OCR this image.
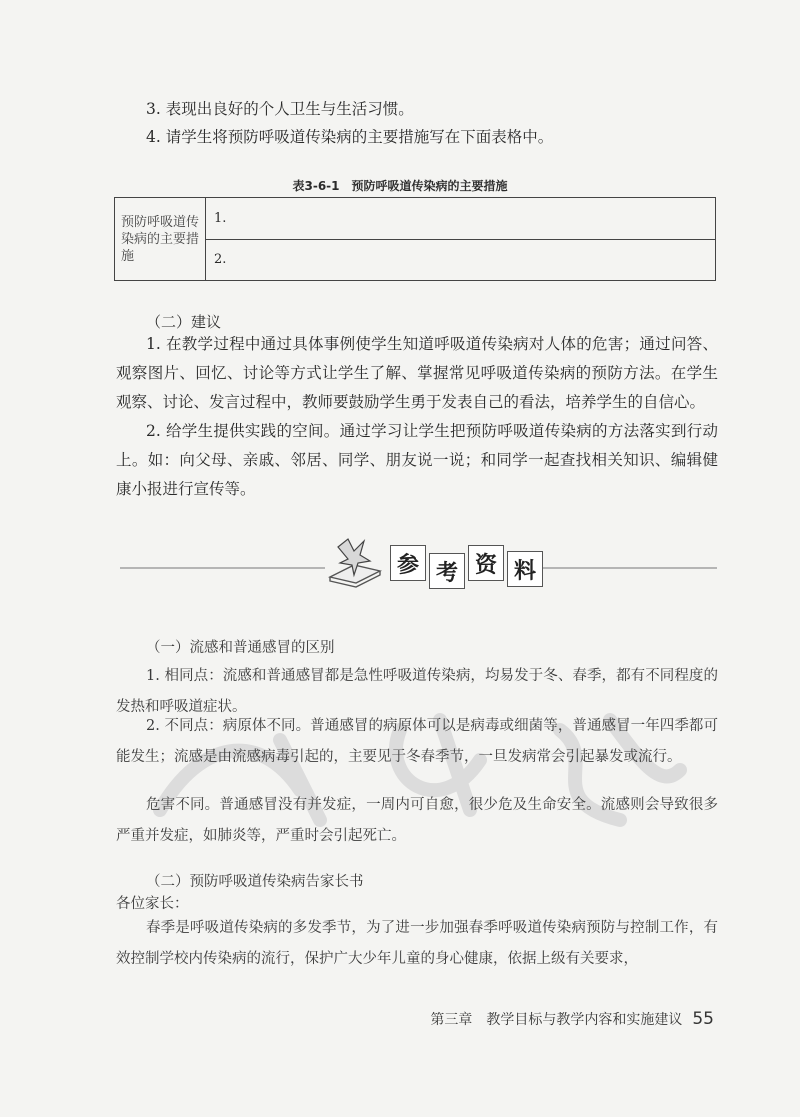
3. 表现出良好的个人卫生与生活习惯。
4. 请学生将预防呼吸道传染病的主要措施写在下面表格中。
表3-6-1　预防呼吸道传染病的主要措施
预防呼吸道传染病的主要措施	1.
2.
（二）建议
1. 在教学过程中通过具体事例使学生知道呼吸道传染病对人体的危害；通过问答、观察图片、回忆、讨论等方式让学生了解、掌握常见呼吸道传染病的预防方法。在学生观察、讨论、发言过程中，教师要鼓励学生勇于发表自己的看法，培养学生的自信心。
2. 给学生提供实践的空间。通过学习让学生把预防呼吸道传染病的方法落实到行动上。如：向父母、亲戚、邻居、同学、朋友说一说；和同学一起查找相关知识、编辑健康小报进行宣传等。
参 考 资 料
（一）流感和普通感冒的区别
1. 相同点：流感和普通感冒都是急性呼吸道传染病，均易发于冬、春季，都有不同程度的发热和呼吸道症状。
2. 不同点：病原体不同。普通感冒的病原体可以是病毒或细菌等，普通感冒一年四季都可能发生；流感是由流感病毒引起的，主要见于冬春季节，一旦发病常会引起暴发或流行。
危害不同。普通感冒没有并发症，一周内可自愈，很少危及生命安全。流感则会导致很多严重并发症，如肺炎等，严重时会引起死亡。
（二）预防呼吸道传染病告家长书
各位家长：
春季是呼吸道传染病的多发季节，为了进一步加强春季呼吸道传染病预防与控制工作，有效控制学校内传染病的流行，保护广大少年儿童的身心健康，依据上级有关要求，
第三章　教学目标与教学内容和实施建议 55
